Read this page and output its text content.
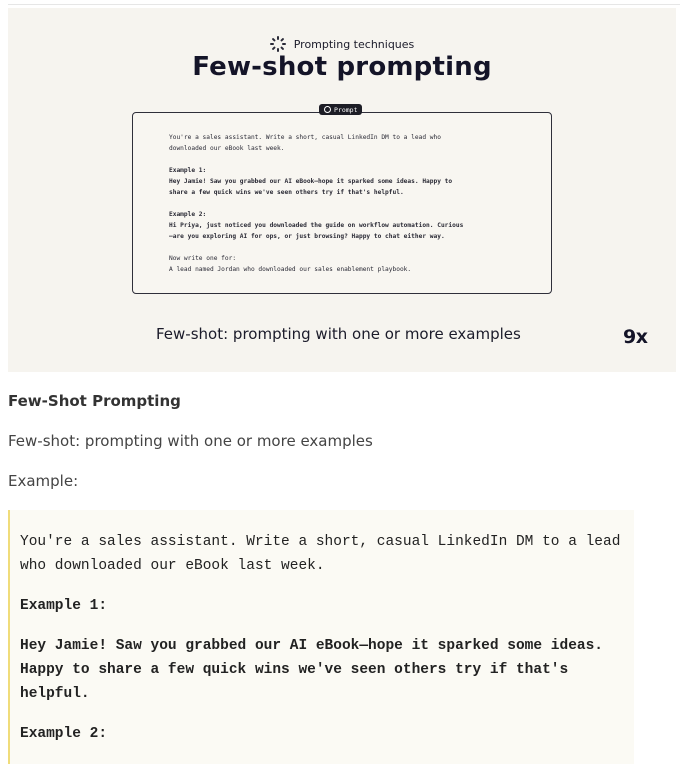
Prompting techniques
Few-shot prompting
Prompt

You're a sales assistant. Write a short, casual LinkedIn DM to a lead who
downloaded our eBook last week.

Example 1:
Hey Jamie! Saw you grabbed our AI eBook—hope it sparked some ideas. Happy to
share a few quick wins we've seen others try if that's helpful.

Example 2:
Hi Priya, just noticed you downloaded the guide on workflow automation. Curious
—are you exploring AI for ops, or just browsing? Happy to chat either way.

Now write one for:
A lead named Jordan who downloaded our sales enablement playbook.

Few-shot: prompting with one or more examples	9x
Few-Shot Prompting
Few-shot: prompting with one or more examples
Example:

You're a sales assistant. Write a short, casual LinkedIn DM to a lead who downloaded our eBook last week.

Example 1:

Hey Jamie! Saw you grabbed our AI eBook—hope it sparked some ideas. Happy to share a few quick wins we've seen others try if that's helpful.

Example 2:
